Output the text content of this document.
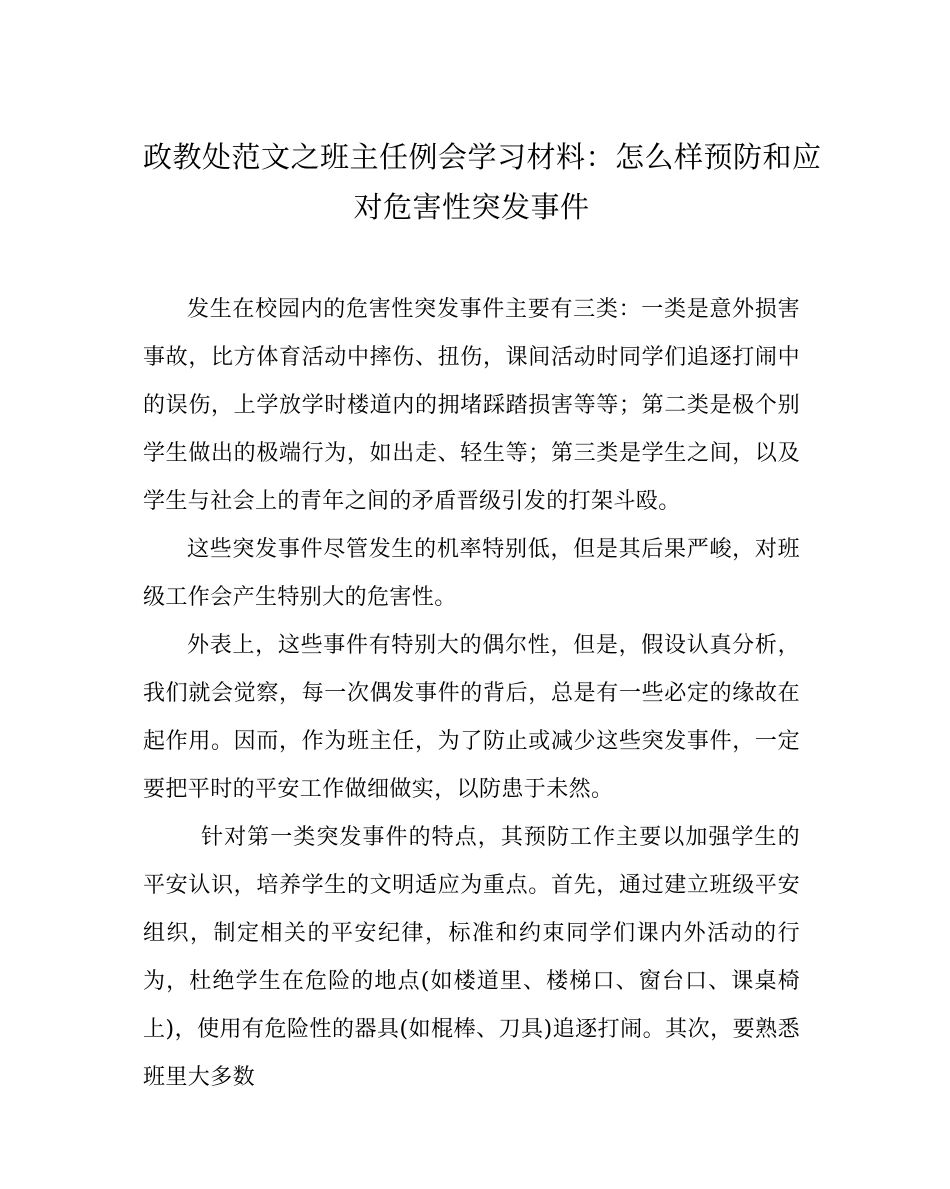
政教处范文之班主任例会学习材料：怎么样预防和应
对危害性突发事件

发生在校园内的危害性突发事件主要有三类：一类是意外损害事故，比方体育活动中摔伤、扭伤，课间活动时同学们追逐打闹中的误伤，上学放学时楼道内的拥堵踩踏损害等等；第二类是极个别学生做出的极端行为，如出走、轻生等；第三类是学生之间，以及学生与社会上的青年之间的矛盾晋级引发的打架斗殴。

这些突发事件尽管发生的机率特别低，但是其后果严峻，对班级工作会产生特别大的危害性。

外表上，这些事件有特别大的偶尔性，但是，假设认真分析，我们就会觉察，每一次偶发事件的背后，总是有一些必定的缘故在起作用。因而，作为班主任，为了防止或减少这些突发事件，一定要把平时的平安工作做细做实，以防患于未然。

针对第一类突发事件的特点，其预防工作主要以加强学生的平安认识，培养学生的文明适应为重点。首先，通过建立班级平安组织，制定相关的平安纪律，标准和约束同学们课内外活动的行为，杜绝学生在危险的地点(如楼道里、楼梯口、窗台口、课桌椅上)，使用有危险性的器具(如棍棒、刀具)追逐打闹。其次，要熟悉班里大多数
